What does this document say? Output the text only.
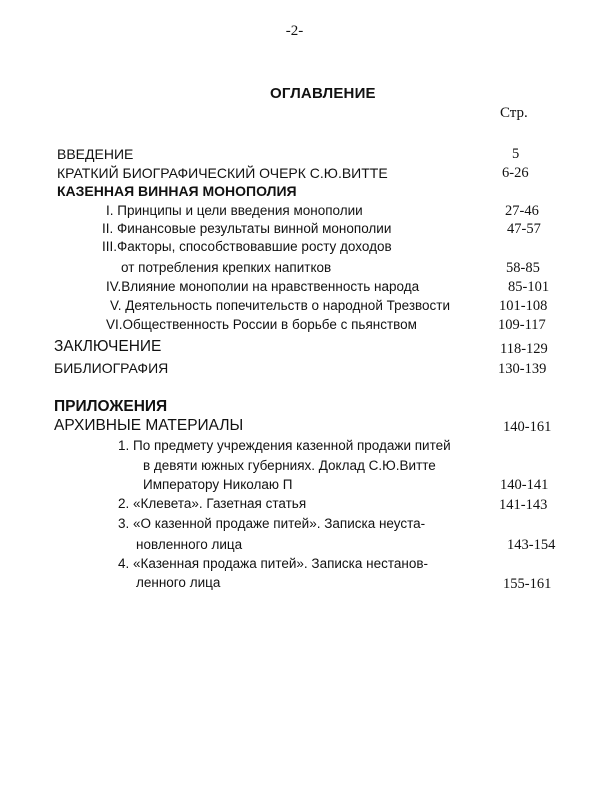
-2-
ОГЛАВЛЕНИЕ
Стр.
ВВЕДЕНИЕ	5
КРАТКИЙ БИОГРАФИЧЕСКИЙ ОЧЕРК С.Ю.ВИТТЕ	6-26
КАЗЕННАЯ ВИННАЯ МОНОПОЛИЯ
I. Принципы и цели введения монополии	27-46
II. Финансовые результаты винной монополии	47-57
III.Факторы, способствовавшие росту доходов
от потребления крепких напитков	58-85
IV.Влияние монополии на нравственность народа	85-101
V. Деятельность попечительств о народной Трезвости	101-108
VI.Общественность России в борьбе с пьянством	109-117
ЗАКЛЮЧЕНИЕ	118-129
БИБЛИОГРАФИЯ	130-139
ПРИЛОЖЕНИЯ
АРХИВНЫЕ МАТЕРИАЛЫ	140-161
1. По предмету учреждения казенной продажи питей
в девяти южных губерниях. Доклад С.Ю.Витте
Императору Николаю П	140-141
2. «Клевета». Газетная статья	141-143
3. «О казенной продаже питей». Записка неуста-
новленного лица	143-154
4. «Казенная продажа питей». Записка нестанов-
ленного лица	155-161
